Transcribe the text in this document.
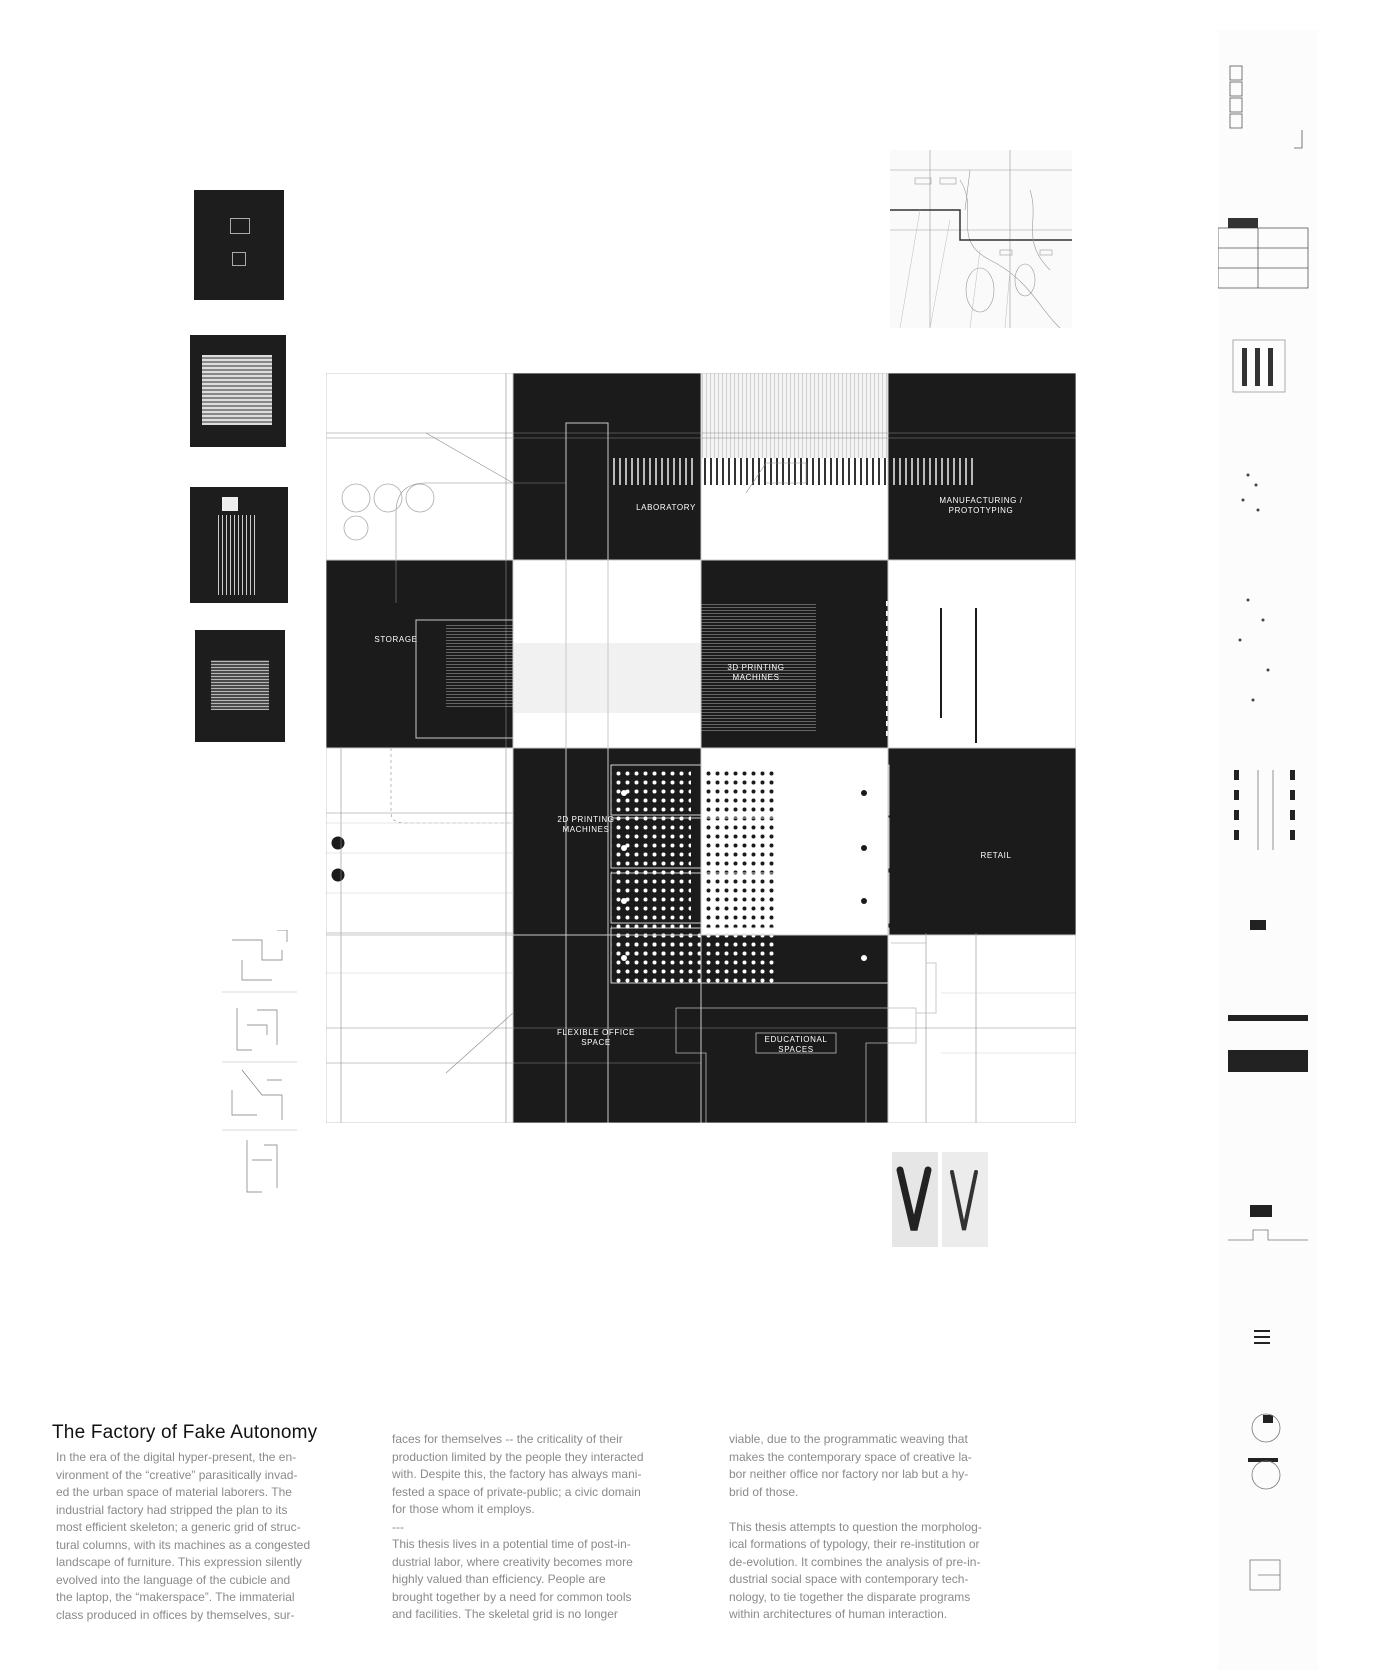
LABORATORY
MANUFACTURING /
PROTOTYPING
STORAGE
3D PRINTING
MACHINES
2D PRINTING
MACHINES
RETAIL
FLEXIBLE OFFICE
SPACE	EDUCATIONAL
SPACES
The Factory of Fake Autonomy
In the era of the digital hyper-present, the en-
vironment of the “creative” parasitically invad-
ed the urban space of material laborers. The
industrial factory had stripped the plan to its
most efficient skeleton; a generic grid of struc-
tural columns, with its machines as a congested
landscape of furniture. This expression silently
evolved into the language of the cubicle and
the laptop, the “makerspace”. The immaterial
class produced in offices by themselves, sur-
faces for themselves -- the criticality of their
production limited by the people they interacted
with. Despite this, the factory has always mani-
fested a space of private-public; a civic domain
for those whom it employs.
---
This thesis lives in a potential time of post-in-
dustrial labor, where creativity becomes more
highly valued than efficiency. People are
brought together by a need for common tools
and facilities. The skeletal grid is no longer
viable, due to the programmatic weaving that
makes the contemporary space of creative la-
bor neither office nor factory nor lab but a hy-
brid of those.

This thesis attempts to question the morpholog-
ical formations of typology, their re-institution or
de-evolution. It combines the analysis of pre-in-
dustrial social space with contemporary tech-
nology, to tie together the disparate programs
within architectures of human interaction.
